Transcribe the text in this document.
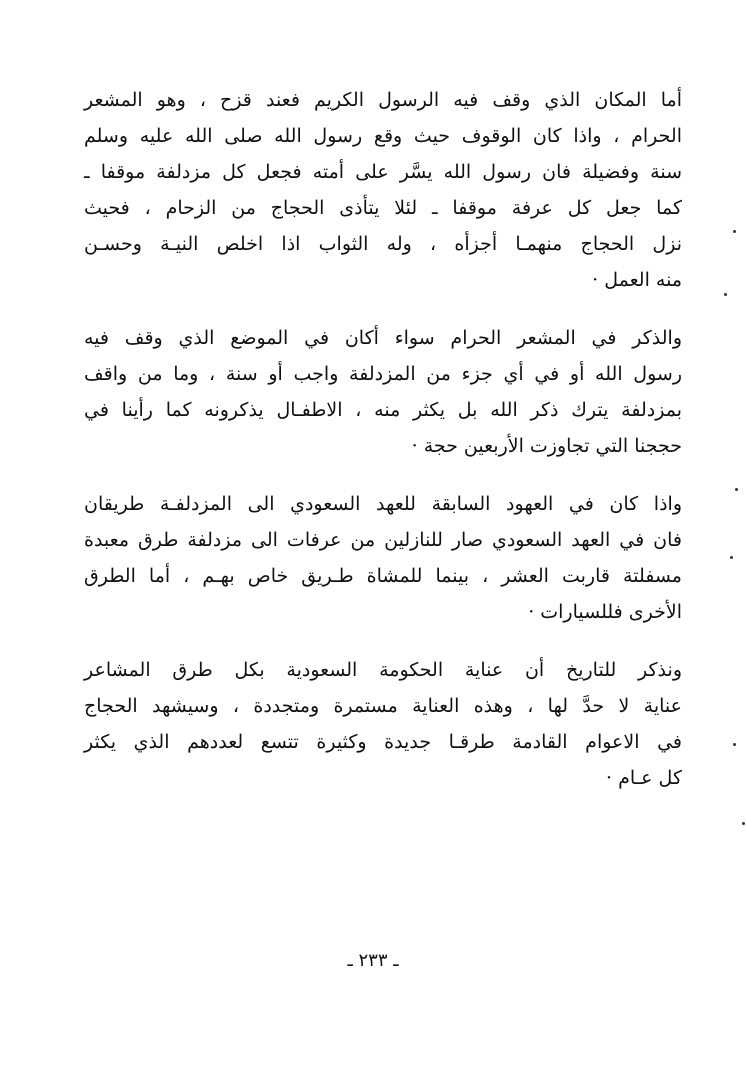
أما المكان الذي وقف فيه الرسول الكريم فعند قزح ، وهو المشعر
الحرام ، واذا كان الوقوف حيث وقع رسول الله صلى الله عليه وسلم
سنة وفضيلة فان رسول الله يسَّر على أمته فجعل كل مزدلفة موقفا ـ
كما جعل كل عرفة موقفا ـ لئلا يتأذى الحجاج من الزحام ، فحيث
نزل الحجاج منهمـا أجزأه ، وله الثواب اذا اخلص النيـة وحسـن
منه العمل ·
والذكر في المشعر الحرام سواء أكان في الموضع الذي وقف فيه
رسول الله أو في أي جزء من المزدلفة واجب أو سنة ، وما من واقف
بمزدلفة يترك ذكر الله بل يكثر منه ، الاطفـال يذكرونه كما رأينا في
حججنا التي تجاوزت الأربعين حجة ·
واذا كان في العهود السابقة للعهد السعودي الى المزدلفـة طريقان
فان في العهد السعودي صار للنازلين من عرفات الى مزدلفة طرق معبدة
مسفلتة قاربت العشر ، بينما للمشاة طـريق خاص بهـم ، أما الطرق
الأخرى فللسيارات ·
ونذكر للتاريخ أن عناية الحكومة السعودية بكل طرق المشاعر
عناية لا حدَّ لها ، وهذه العناية مستمرة ومتجددة ، وسيشهد الحجاج
في الاعوام القادمة طرقـا جديدة وكثيرة تتسع لعددهم الذي يكثر
كل عـام ·
ـ ٢٣٣ ـ
